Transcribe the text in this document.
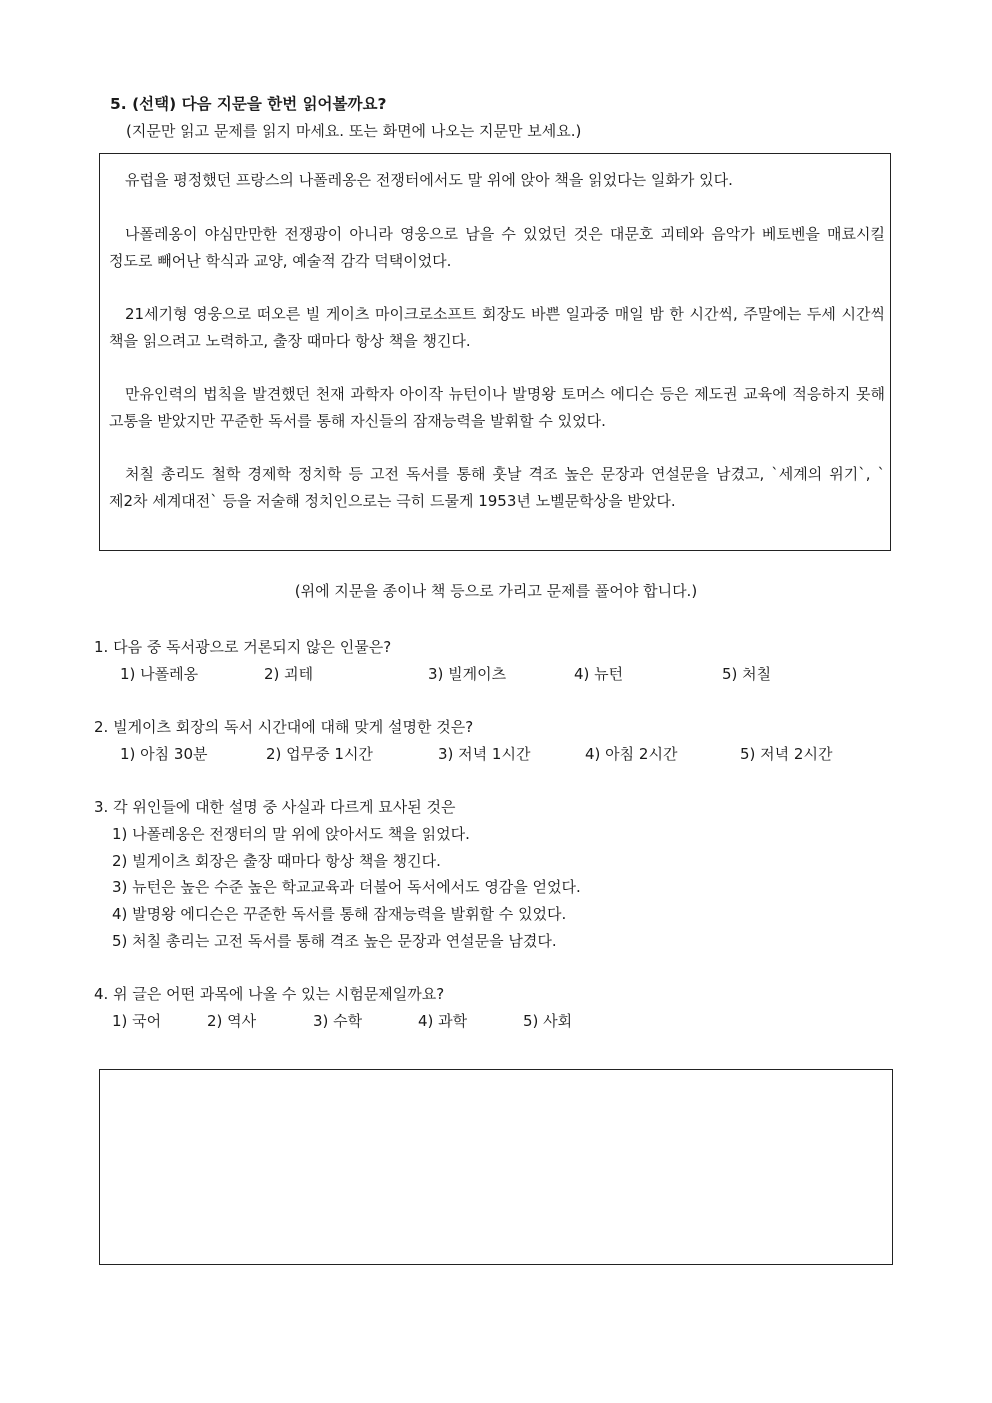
5. (선택) 다음 지문을 한번 읽어볼까요?
(지문만 읽고 문제를 읽지 마세요. 또는 화면에 나오는 지문만 보세요.)
유럽을 평정했던 프랑스의 나폴레옹은 전쟁터에서도 말 위에 앉아 책을 읽었다는 일화가 있다.
나폴레옹이 야심만만한 전쟁광이 아니라 영웅으로 남을 수 있었던 것은 대문호 괴테와 음악가 베토벤을 매료시킬 정도로 빼어난 학식과 교양, 예술적 감각 덕택이었다.
21세기형 영웅으로 떠오른 빌 게이츠 마이크로소프트 회장도 바쁜 일과중 매일 밤 한 시간씩, 주말에는 두세 시간씩 책을 읽으려고 노력하고, 출장 때마다 항상 책을 챙긴다.
만유인력의 법칙을 발견했던 천재 과학자 아이작 뉴턴이나 발명왕 토머스 에디슨 등은 제도권 교육에 적응하지 못해 고통을 받았지만 꾸준한 독서를 통해 자신들의 잠재능력을 발휘할 수 있었다.
처칠 총리도 철학 경제학 정치학 등 고전 독서를 통해 훗날 격조 높은 문장과 연설문을 남겼고, `세계의 위기`, `제2차 세계대전` 등을 저술해 정치인으로는 극히 드물게 1953년 노벨문학상을 받았다.
(위에 지문을 종이나 책 등으로 가리고 문제를 풀어야 합니다.)
1. 다음 중 독서광으로 거론되지 않은 인물은?
1) 나폴레옹	2) 괴테	3) 빌게이츠	4) 뉴턴	5) 처칠
2. 빌게이츠 회장의 독서 시간대에 대해 맞게 설명한 것은?
1) 아침 30분	2) 업무중 1시간	3) 저녁 1시간	4) 아침 2시간	5) 저녁 2시간
3. 각 위인들에 대한 설명 중 사실과 다르게 묘사된 것은
1) 나폴레옹은 전쟁터의 말 위에 앉아서도 책을 읽었다.
2) 빌게이츠 회장은 출장 때마다 항상 책을 챙긴다.
3) 뉴턴은 높은 수준 높은 학교교육과 더불어 독서에서도 영감을 얻었다.
4) 발명왕 에디슨은 꾸준한 독서를 통해 잠재능력을 발휘할 수 있었다.
5) 처칠 총리는 고전 독서를 통해 격조 높은 문장과 연설문을 남겼다.
4. 위 글은 어떤 과목에 나올 수 있는 시험문제일까요?
1) 국어	2) 역사	3) 수학	4) 과학	5) 사회
